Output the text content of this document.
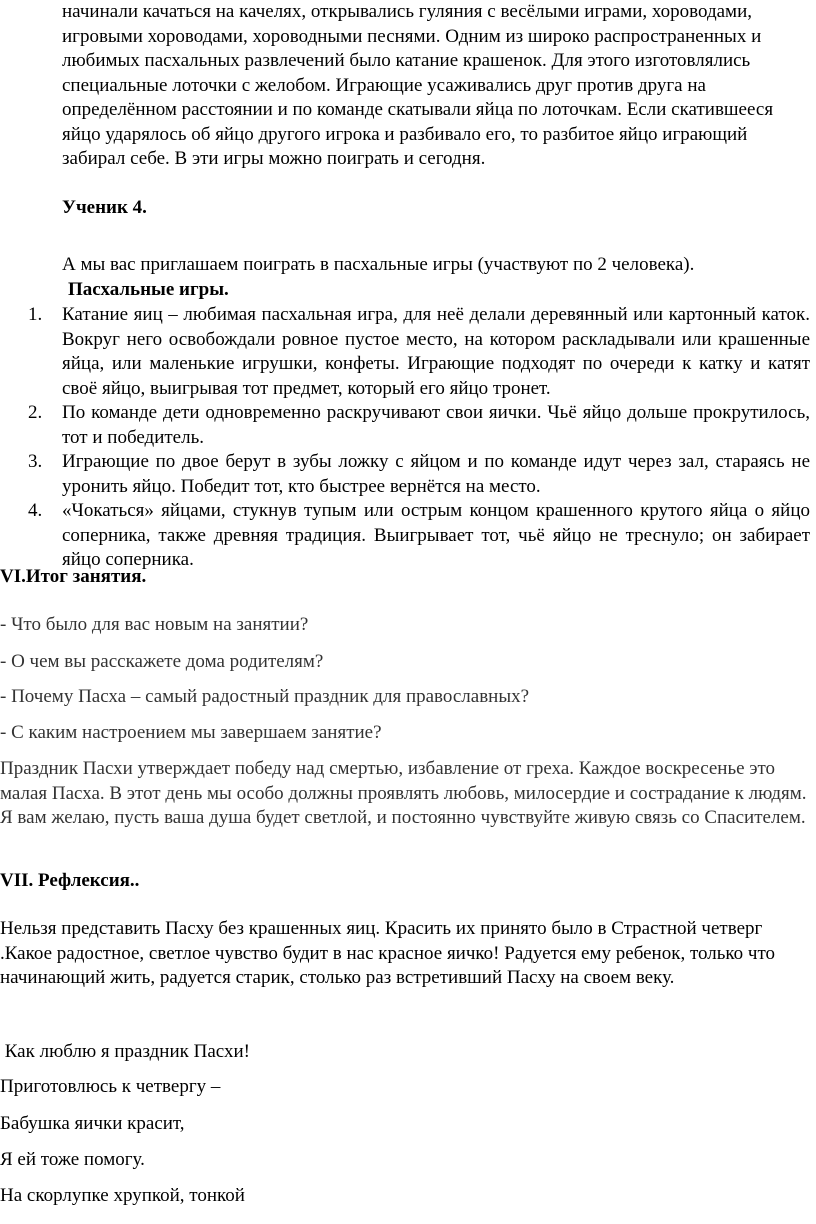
начинали качаться на качелях, открывались гуляния с весёлыми играми, хороводами, игровыми хороводами, хороводными песнями. Одним из широко распространенных и любимых пасхальных развлечений было катание крашенок. Для этого изготовлялись специальные лоточки с желобом. Играющие усаживались друг против друга на определённом расстоянии и по команде скатывали яйца по лоточкам. Если скатившееся яйцо ударялось об яйцо другого игрока и разбивало его, то разбитое яйцо играющий забирал себе. В эти игры можно поиграть и сегодня.

Ученик 4.

А мы вас приглашаем поиграть в пасхальные игры (участвуют по 2 человека).

Пасхальные игры.

1. Катание яиц – любимая пасхальная игра, для неё делали деревянный или картонный каток. Вокруг него освобождали ровное пустое место, на котором раскладывали или крашенные яйца, или маленькие игрушки, конфеты. Играющие подходят по очереди к катку и катят своё яйцо, выигрывая тот предмет, который его яйцо тронет.
2. По команде дети одновременно раскручивают свои яички. Чьё яйцо дольше прокрутилось, тот и победитель.
3. Играющие по двое берут в зубы ложку с яйцом и по команде идут через зал, стараясь не уронить яйцо. Победит тот, кто быстрее вернётся на место.
4. «Чокаться» яйцами, стукнув тупым или острым концом крашенного крутого яйца о яйцо соперника, также древняя традиция. Выигрывает тот, чьё яйцо не треснуло; он забирает яйцо соперника.

VI.Итог занятия.

- Что было для вас новым на занятии?

- О чем вы расскажете дома родителям?

- Почему Пасха – самый радостный праздник для православных?

- С каким настроением мы завершаем занятие?

Праздник Пасхи утверждает победу над смертью, избавление от греха. Каждое воскресенье это малая Пасха. В этот день мы особо должны проявлять любовь, милосердие и сострадание к людям. Я вам желаю, пусть ваша душа будет светлой, и постоянно чувствуйте живую связь со Спасителем.

VII. Рефлексия..

Нельзя представить Пасху без крашенных яиц. Красить их принято было в Страстной четверг .Какое радостное, светлое чувство будит в нас красное яичко! Радуется ему ребенок, только что начинающий жить, радуется старик, столько раз встретивший Пасху на своем веку.

Как люблю я праздник Пасхи!

Приготовлюсь к четвергу –

Бабушка яички красит,

Я ей тоже помогу.

На скорлупке хрупкой, тонкой
